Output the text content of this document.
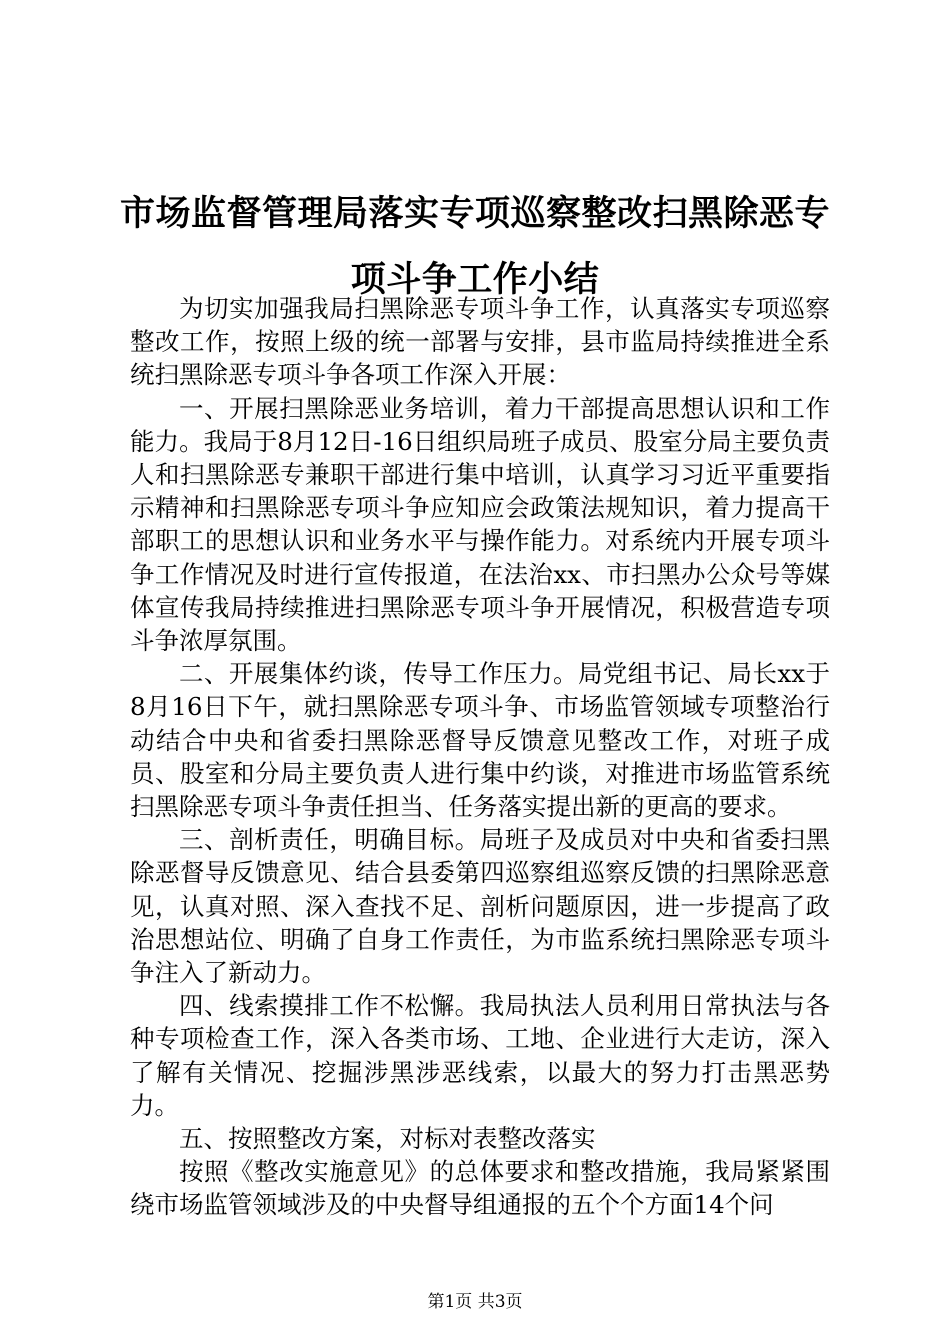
市场监督管理局落实专项巡察整改扫黑除恶专
项斗争工作小结

为切实加强我局扫黑除恶专项斗争工作，认真落实专项巡察整改工作，按照上级的统一部署与安排，县市监局持续推进全系统扫黑除恶专项斗争各项工作深入开展：

一、开展扫黑除恶业务培训，着力干部提高思想认识和工作能力。我局于8月12日-16日组织局班子成员、股室分局主要负责人和扫黑除恶专兼职干部进行集中培训，认真学习习近平重要指示精神和扫黑除恶专项斗争应知应会政策法规知识，着力提高干部职工的思想认识和业务水平与操作能力。对系统内开展专项斗争工作情况及时进行宣传报道，在法治xx、市扫黑办公众号等媒体宣传我局持续推进扫黑除恶专项斗争开展情况，积极营造专项斗争浓厚氛围。

二、开展集体约谈，传导工作压力。局党组书记、局长xx于8月16日下午，就扫黑除恶专项斗争、市场监管领域专项整治行动结合中央和省委扫黑除恶督导反馈意见整改工作，对班子成员、股室和分局主要负责人进行集中约谈，对推进市场监管系统扫黑除恶专项斗争责任担当、任务落实提出新的更高的要求。

三、剖析责任，明确目标。局班子及成员对中央和省委扫黑除恶督导反馈意见、结合县委第四巡察组巡察反馈的扫黑除恶意见，认真对照、深入查找不足、剖析问题原因，进一步提高了政治思想站位、明确了自身工作责任，为市监系统扫黑除恶专项斗争注入了新动力。

四、线索摸排工作不松懈。我局执法人员利用日常执法与各种专项检查工作，深入各类市场、工地、企业进行大走访，深入了解有关情况、挖掘涉黑涉恶线索，以最大的努力打击黑恶势力。

五、按照整改方案，对标对表整改落实

按照《整改实施意见》的总体要求和整改措施，我局紧紧围绕市场监管领域涉及的中央督导组通报的五个个方面14个问

第1页 共3页
